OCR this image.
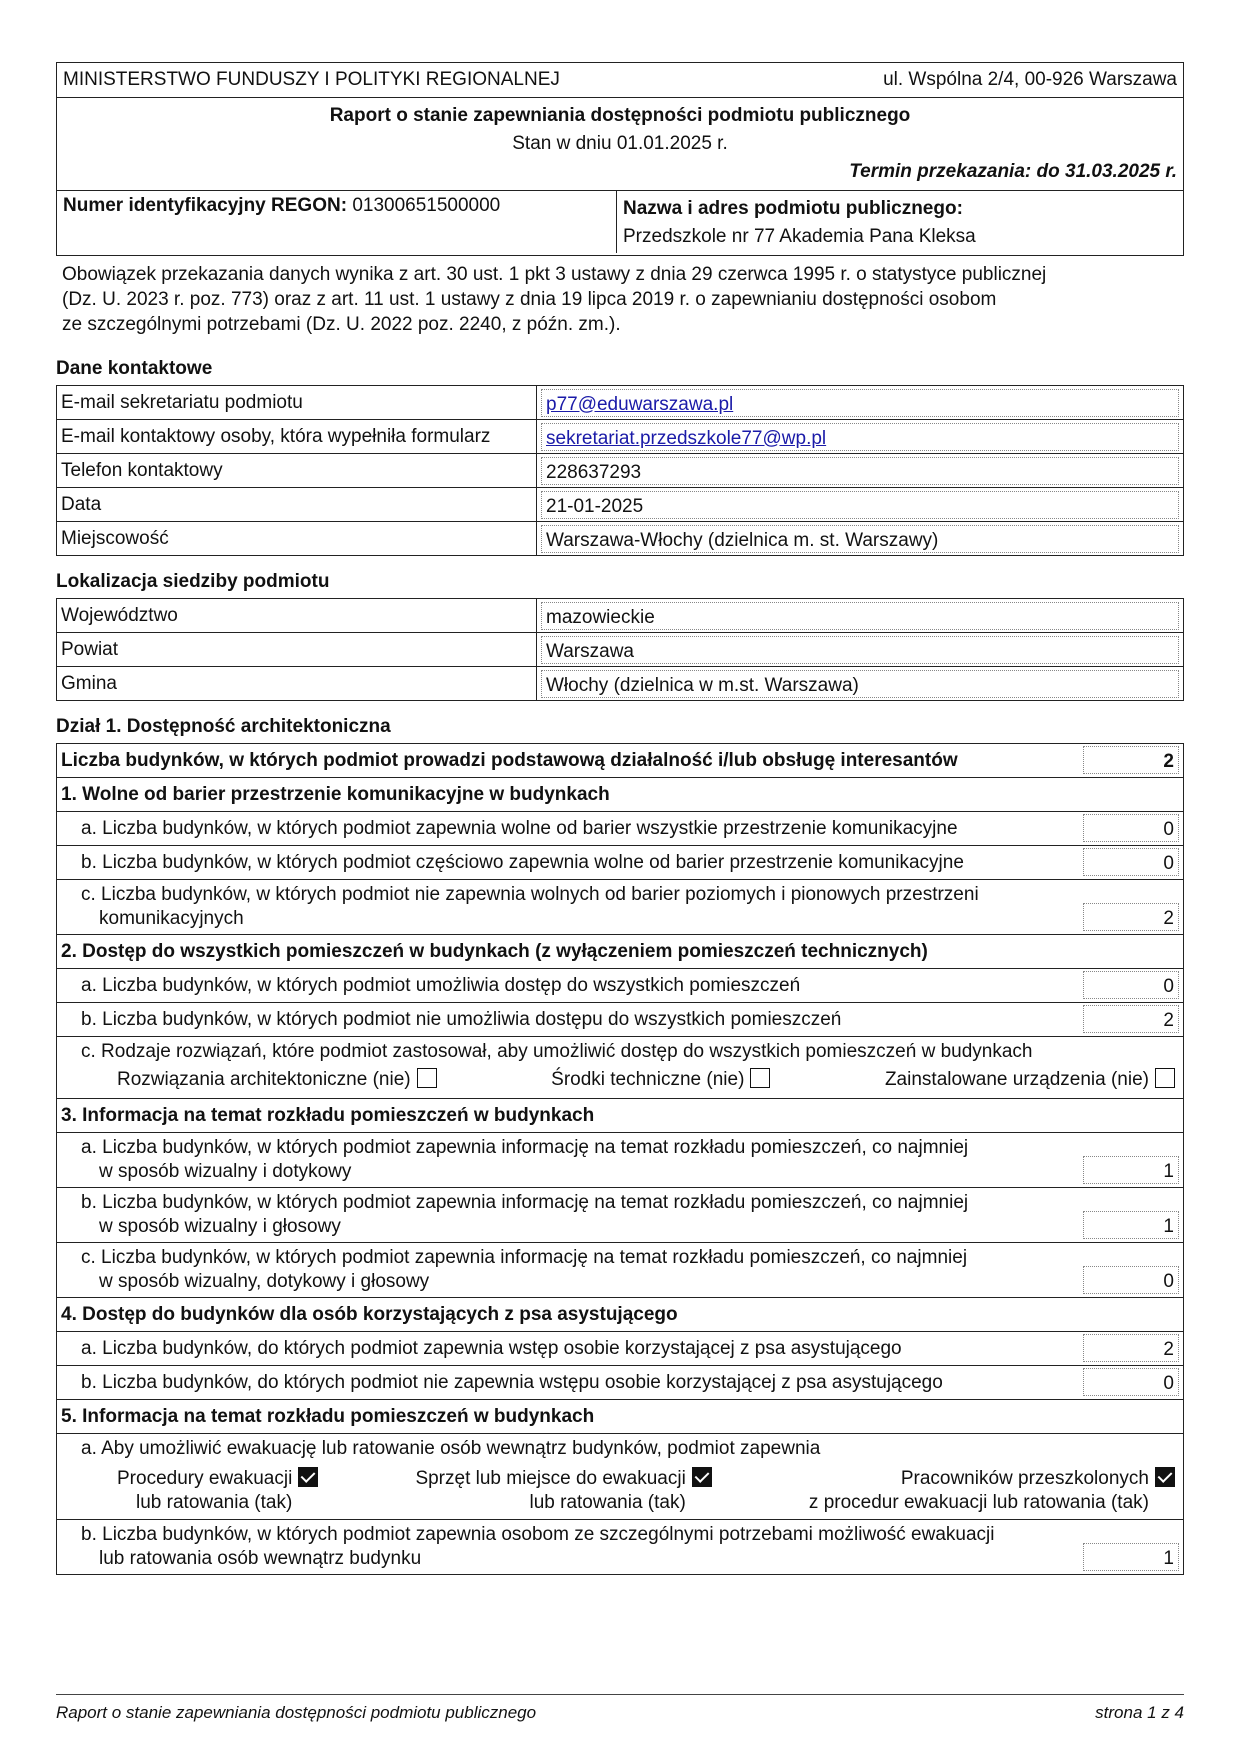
MINISTERSTWO FUNDUSZY I POLITYKI REGIONALNEJ	ul. Wspólna 2/4, 00-926 Warszawa
Raport o stanie zapewniania dostępności podmiotu publicznego
Stan w dniu 01.01.2025 r.
Termin przekazania: do 31.03.2025 r.
Numer identyfikacyjny REGON: 01300651500000	Nazwa i adres podmiotu publicznego:
Przedszkole nr 77 Akademia Pana Kleksa
Obowiązek przekazania danych wynika z art. 30 ust. 1 pkt 3 ustawy z dnia 29 czerwca 1995 r. o statystyce publicznej
(Dz. U. 2023 r. poz. 773) oraz z art. 11 ust. 1 ustawy z dnia 19 lipca 2019 r. o zapewnianiu dostępności osobom
ze szczególnymi potrzebami (Dz. U. 2022 poz. 2240, z późn. zm.).
Dane kontaktowe
E-mail sekretariatu podmiotu	p77@eduwarszawa.pl

E-mail kontaktowy osoby, która wypełniła formularz	sekretariat.przedszkole77@wp.pl

Telefon kontaktowy	228637293

Data	21-01-2025

Miejscowość	Warszawa-Włochy (dzielnica m. st. Warszawy)
Lokalizacja siedziby podmiotu
Województwo	mazowieckie

Powiat	Warszawa

Gmina	Włochy (dzielnica w m.st. Warszawa)
Dział 1. Dostępność architektoniczna
Liczba budynków, w których podmiot prowadzi podstawową działalność i/lub obsługę interesantów	2
1. Wolne od barier przestrzenie komunikacyjne w budynkach
a. Liczba budynków, w których podmiot zapewnia wolne od barier wszystkie przestrzenie komunikacyjne	0
b. Liczba budynków, w których podmiot częściowo zapewnia wolne od barier przestrzenie komunikacyjne	0
c. Liczba budynków, w których podmiot nie zapewnia wolnych od barier poziomych i pionowych przestrzeni
komunikacyjnych	2
2. Dostęp do wszystkich pomieszczeń w budynkach (z wyłączeniem pomieszczeń technicznych)
a. Liczba budynków, w których podmiot umożliwia dostęp do wszystkich pomieszczeń	0
b. Liczba budynków, w których podmiot nie umożliwia dostępu do wszystkich pomieszczeń	2
c. Rodzaje rozwiązań, które podmiot zastosował, aby umożliwić dostęp do wszystkich pomieszczeń w budynkach
Rozwiązania architektoniczne (nie)	Środki techniczne (nie)	Zainstalowane urządzenia (nie)
3. Informacja na temat rozkładu pomieszczeń w budynkach
a. Liczba budynków, w których podmiot zapewnia informację na temat rozkładu pomieszczeń, co najmniej
w sposób wizualny i dotykowy	1
b. Liczba budynków, w których podmiot zapewnia informację na temat rozkładu pomieszczeń, co najmniej
w sposób wizualny i głosowy	1
c. Liczba budynków, w których podmiot zapewnia informację na temat rozkładu pomieszczeń, co najmniej
w sposób wizualny, dotykowy i głosowy	0
4. Dostęp do budynków dla osób korzystających z psa asystującego
a. Liczba budynków, do których podmiot zapewnia wstęp osobie korzystającej z psa asystującego	2
b. Liczba budynków, do których podmiot nie zapewnia wstępu osobie korzystającej z psa asystującego	0
5. Informacja na temat rozkładu pomieszczeń w budynkach
a. Aby umożliwić ewakuację lub ratowanie osób wewnątrz budynków, podmiot zapewnia
Procedury ewakuacji
lub ratowania (tak)
Sprzęt lub miejsce do ewakuacji
lub ratowania (tak)
Pracowników przeszkolonych
z procedur ewakuacji lub ratowania (tak)
b. Liczba budynków, w których podmiot zapewnia osobom ze szczególnymi potrzebami możliwość ewakuacji
lub ratowania osób wewnątrz budynku	1
Raport o stanie zapewniania dostępności podmiotu publicznego	strona 1 z 4
